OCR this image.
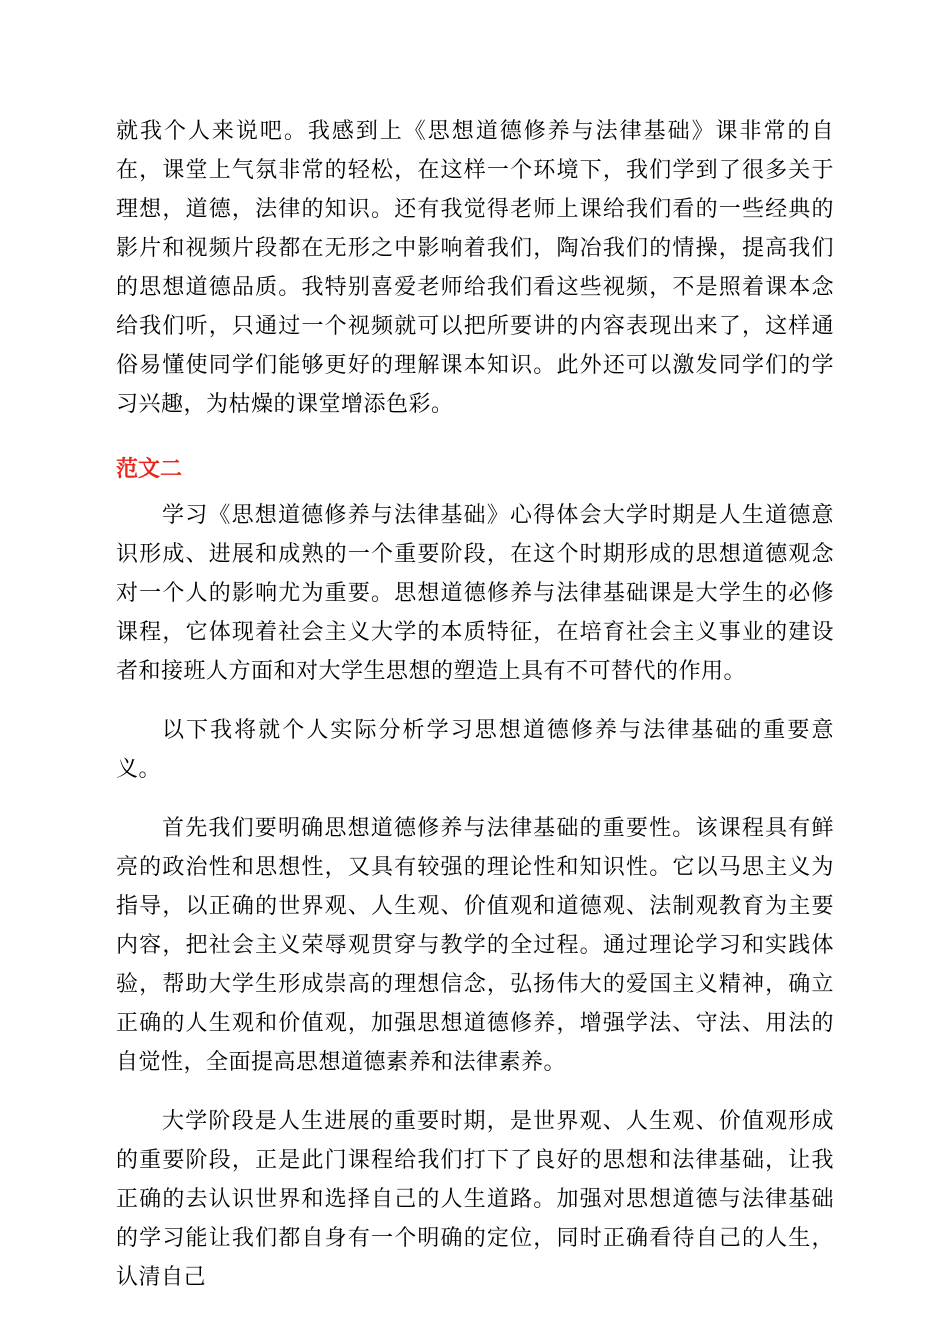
就我个人来说吧。我感到上《思想道德修养与法律基础》课非常的自在，课堂上气氛非常的轻松，在这样一个环境下，我们学到了很多关于理想，道德，法律的知识。还有我觉得老师上课给我们看的一些经典的影片和视频片段都在无形之中影响着我们，陶冶我们的情操，提高我们的思想道德品质。我特别喜爱老师给我们看这些视频，不是照着课本念给我们听，只通过一个视频就可以把所要讲的内容表现出来了，这样通俗易懂使同学们能够更好的理解课本知识。此外还可以激发同学们的学习兴趣，为枯燥的课堂增添色彩。

范文二

学习《思想道德修养与法律基础》心得体会大学时期是人生道德意识形成、进展和成熟的一个重要阶段，在这个时期形成的思想道德观念对一个人的影响尤为重要。思想道德修养与法律基础课是大学生的必修课程，它体现着社会主义大学的本质特征，在培育社会主义事业的建设者和接班人方面和对大学生思想的塑造上具有不可替代的作用。

以下我将就个人实际分析学习思想道德修养与法律基础的重要意义。

首先我们要明确思想道德修养与法律基础的重要性。该课程具有鲜亮的政治性和思想性，又具有较强的理论性和知识性。它以马思主义为指导，以正确的世界观、人生观、价值观和道德观、法制观教育为主要内容，把社会主义荣辱观贯穿与教学的全过程。通过理论学习和实践体验，帮助大学生形成崇高的理想信念，弘扬伟大的爱国主义精神，确立正确的人生观和价值观，加强思想道德修养，增强学法、守法、用法的自觉性，全面提高思想道德素养和法律素养。

大学阶段是人生进展的重要时期，是世界观、人生观、价值观形成的重要阶段，正是此门课程给我们打下了良好的思想和法律基础，让我正确的去认识世界和选择自己的人生道路。加强对思想道德与法律基础的学习能让我们都自身有一个明确的定位，同时正确看待自己的人生，认清自己
